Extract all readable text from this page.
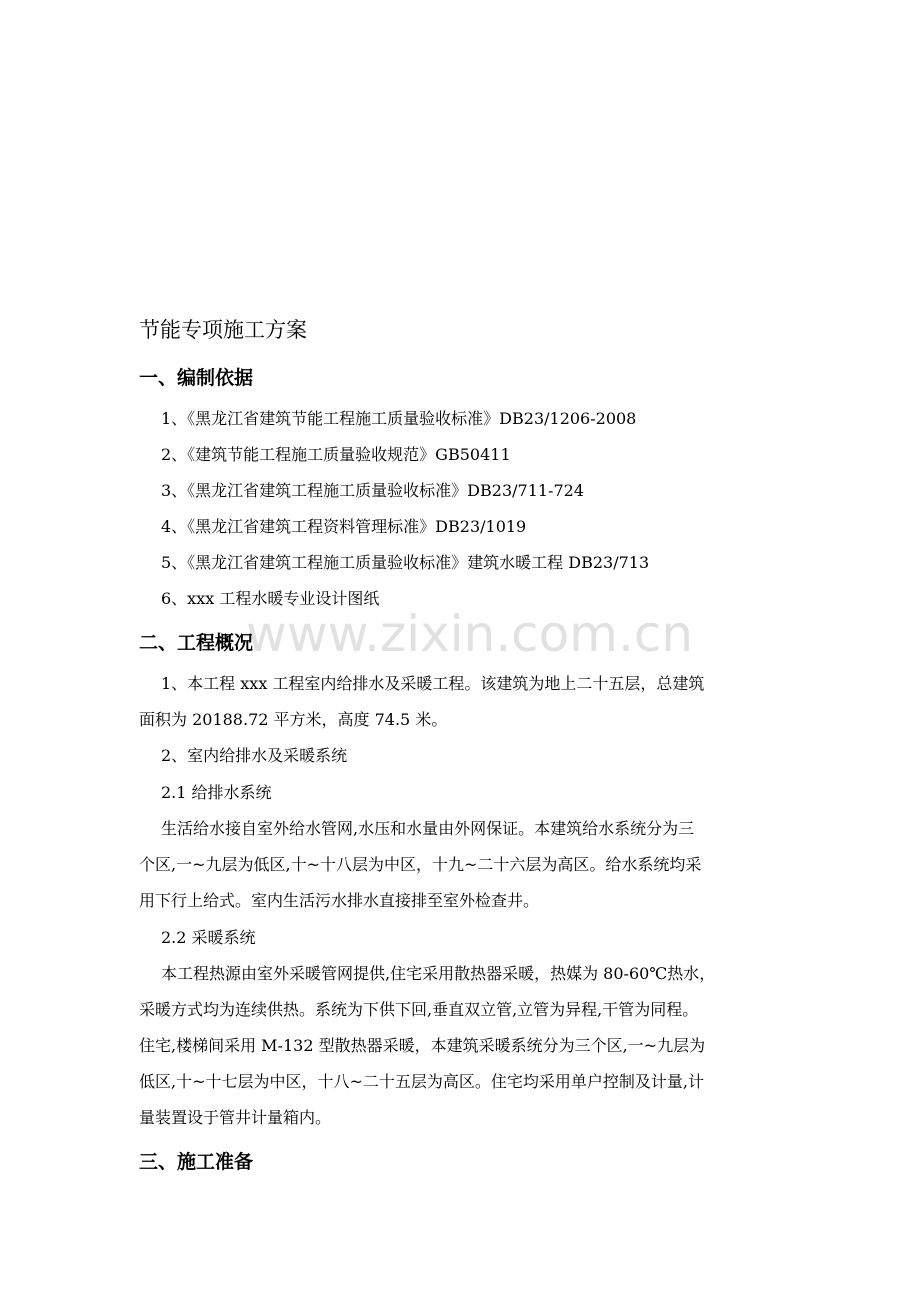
www.zixin.com.cn
节能专项施工方案
一、编制依据
1、《黑龙江省建筑节能工程施工质量验收标准》DB23/1206-2008
2、《建筑节能工程施工质量验收规范》GB50411
3、《黑龙江省建筑工程施工质量验收标准》DB23/711-724
4、《黑龙江省建筑工程资料管理标准》DB23/1019
5、《黑龙江省建筑工程施工质量验收标准》建筑水暖工程 DB23/713
6、xxx 工程水暖专业设计图纸
二、工程概况
1、本工程 xxx 工程室内给排水及采暖工程。该建筑为地上二十五层，总建筑
面积为 20188.72 平方米，高度 74.5 米。
2、室内给排水及采暖系统
2.1 给排水系统
生活给水接自室外给水管网,水压和水量由外网保证。本建筑给水系统分为三
个区,一~九层为低区,十~十八层为中区，十九~二十六层为高区。给水系统均采
用下行上给式。室内生活污水排水直接排至室外检查井。
2.2 采暖系统
本工程热源由室外采暖管网提供,住宅采用散热器采暖，热媒为 80-60℃热水，
采暖方式均为连续供热。系统为下供下回,垂直双立管,立管为异程,干管为同程。
住宅,楼梯间采用 M-132 型散热器采暖，本建筑采暖系统分为三个区,一~九层为
低区,十~十七层为中区，十八~二十五层为高区。住宅均采用单户控制及计量,计
量装置设于管井计量箱内。
三、施工准备
